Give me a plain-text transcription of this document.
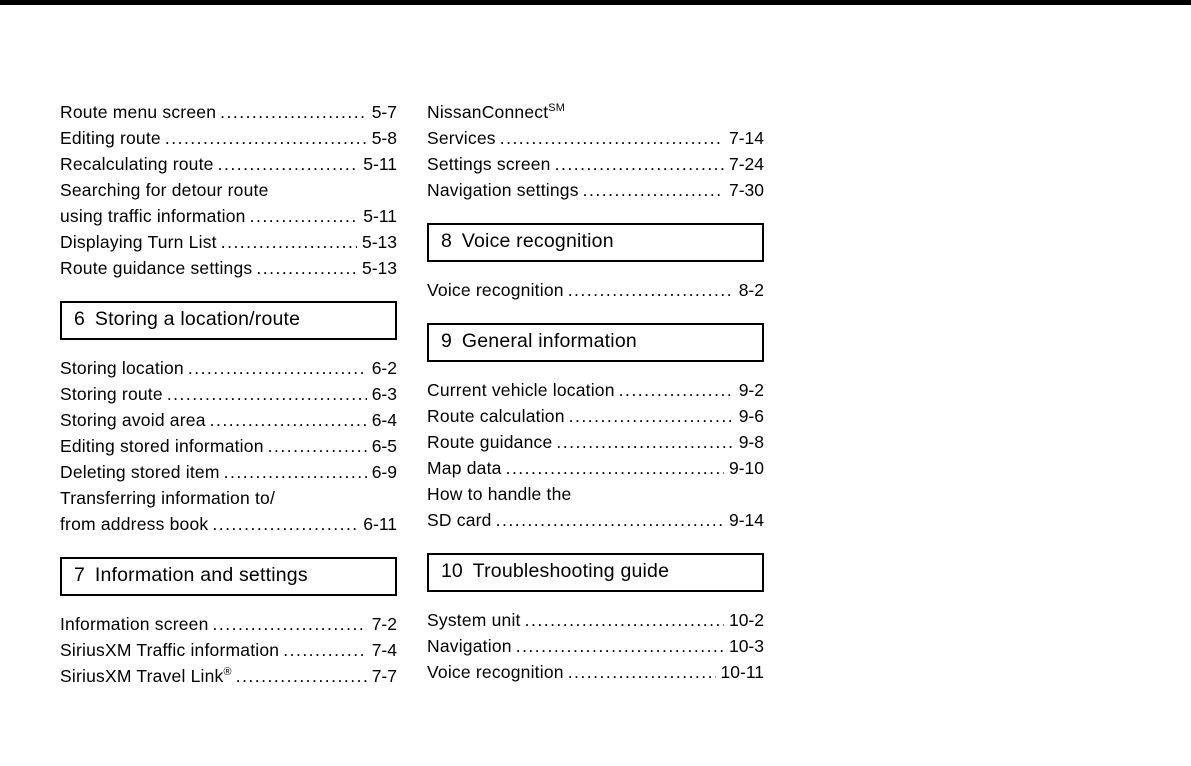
Route menu screen .....	5-7
Editing route .....	5-8
Recalculating route .....	5-11
Searching for detour route
using traffic information .....	5-11
Displaying Turn List .....	5-13
Route guidance settings .....	5-13
6 Storing a location/route
Storing location .....	6-2
Storing route .....	6-3
Storing avoid area .....	6-4
Editing stored information .....	6-5
Deleting stored item .....	6-9
Transferring information to/
from address book .....	6-11
7 Information and settings
Information screen .....	7-2
SiriusXM Traffic information .....	7-4
SiriusXM Travel Link® .....	7-7
NissanConnect℠
Services .....	7-14
Settings screen .....	7-24
Navigation settings .....	7-30
8 Voice recognition
Voice recognition .....	8-2
9 General information
Current vehicle location .....	9-2
Route calculation .....	9-6
Route guidance .....	9-8
Map data .....	9-10
How to handle the
SD card .....	9-14
10 Troubleshooting guide
System unit .....	10-2
Navigation .....	10-3
Voice recognition .....	10-11
